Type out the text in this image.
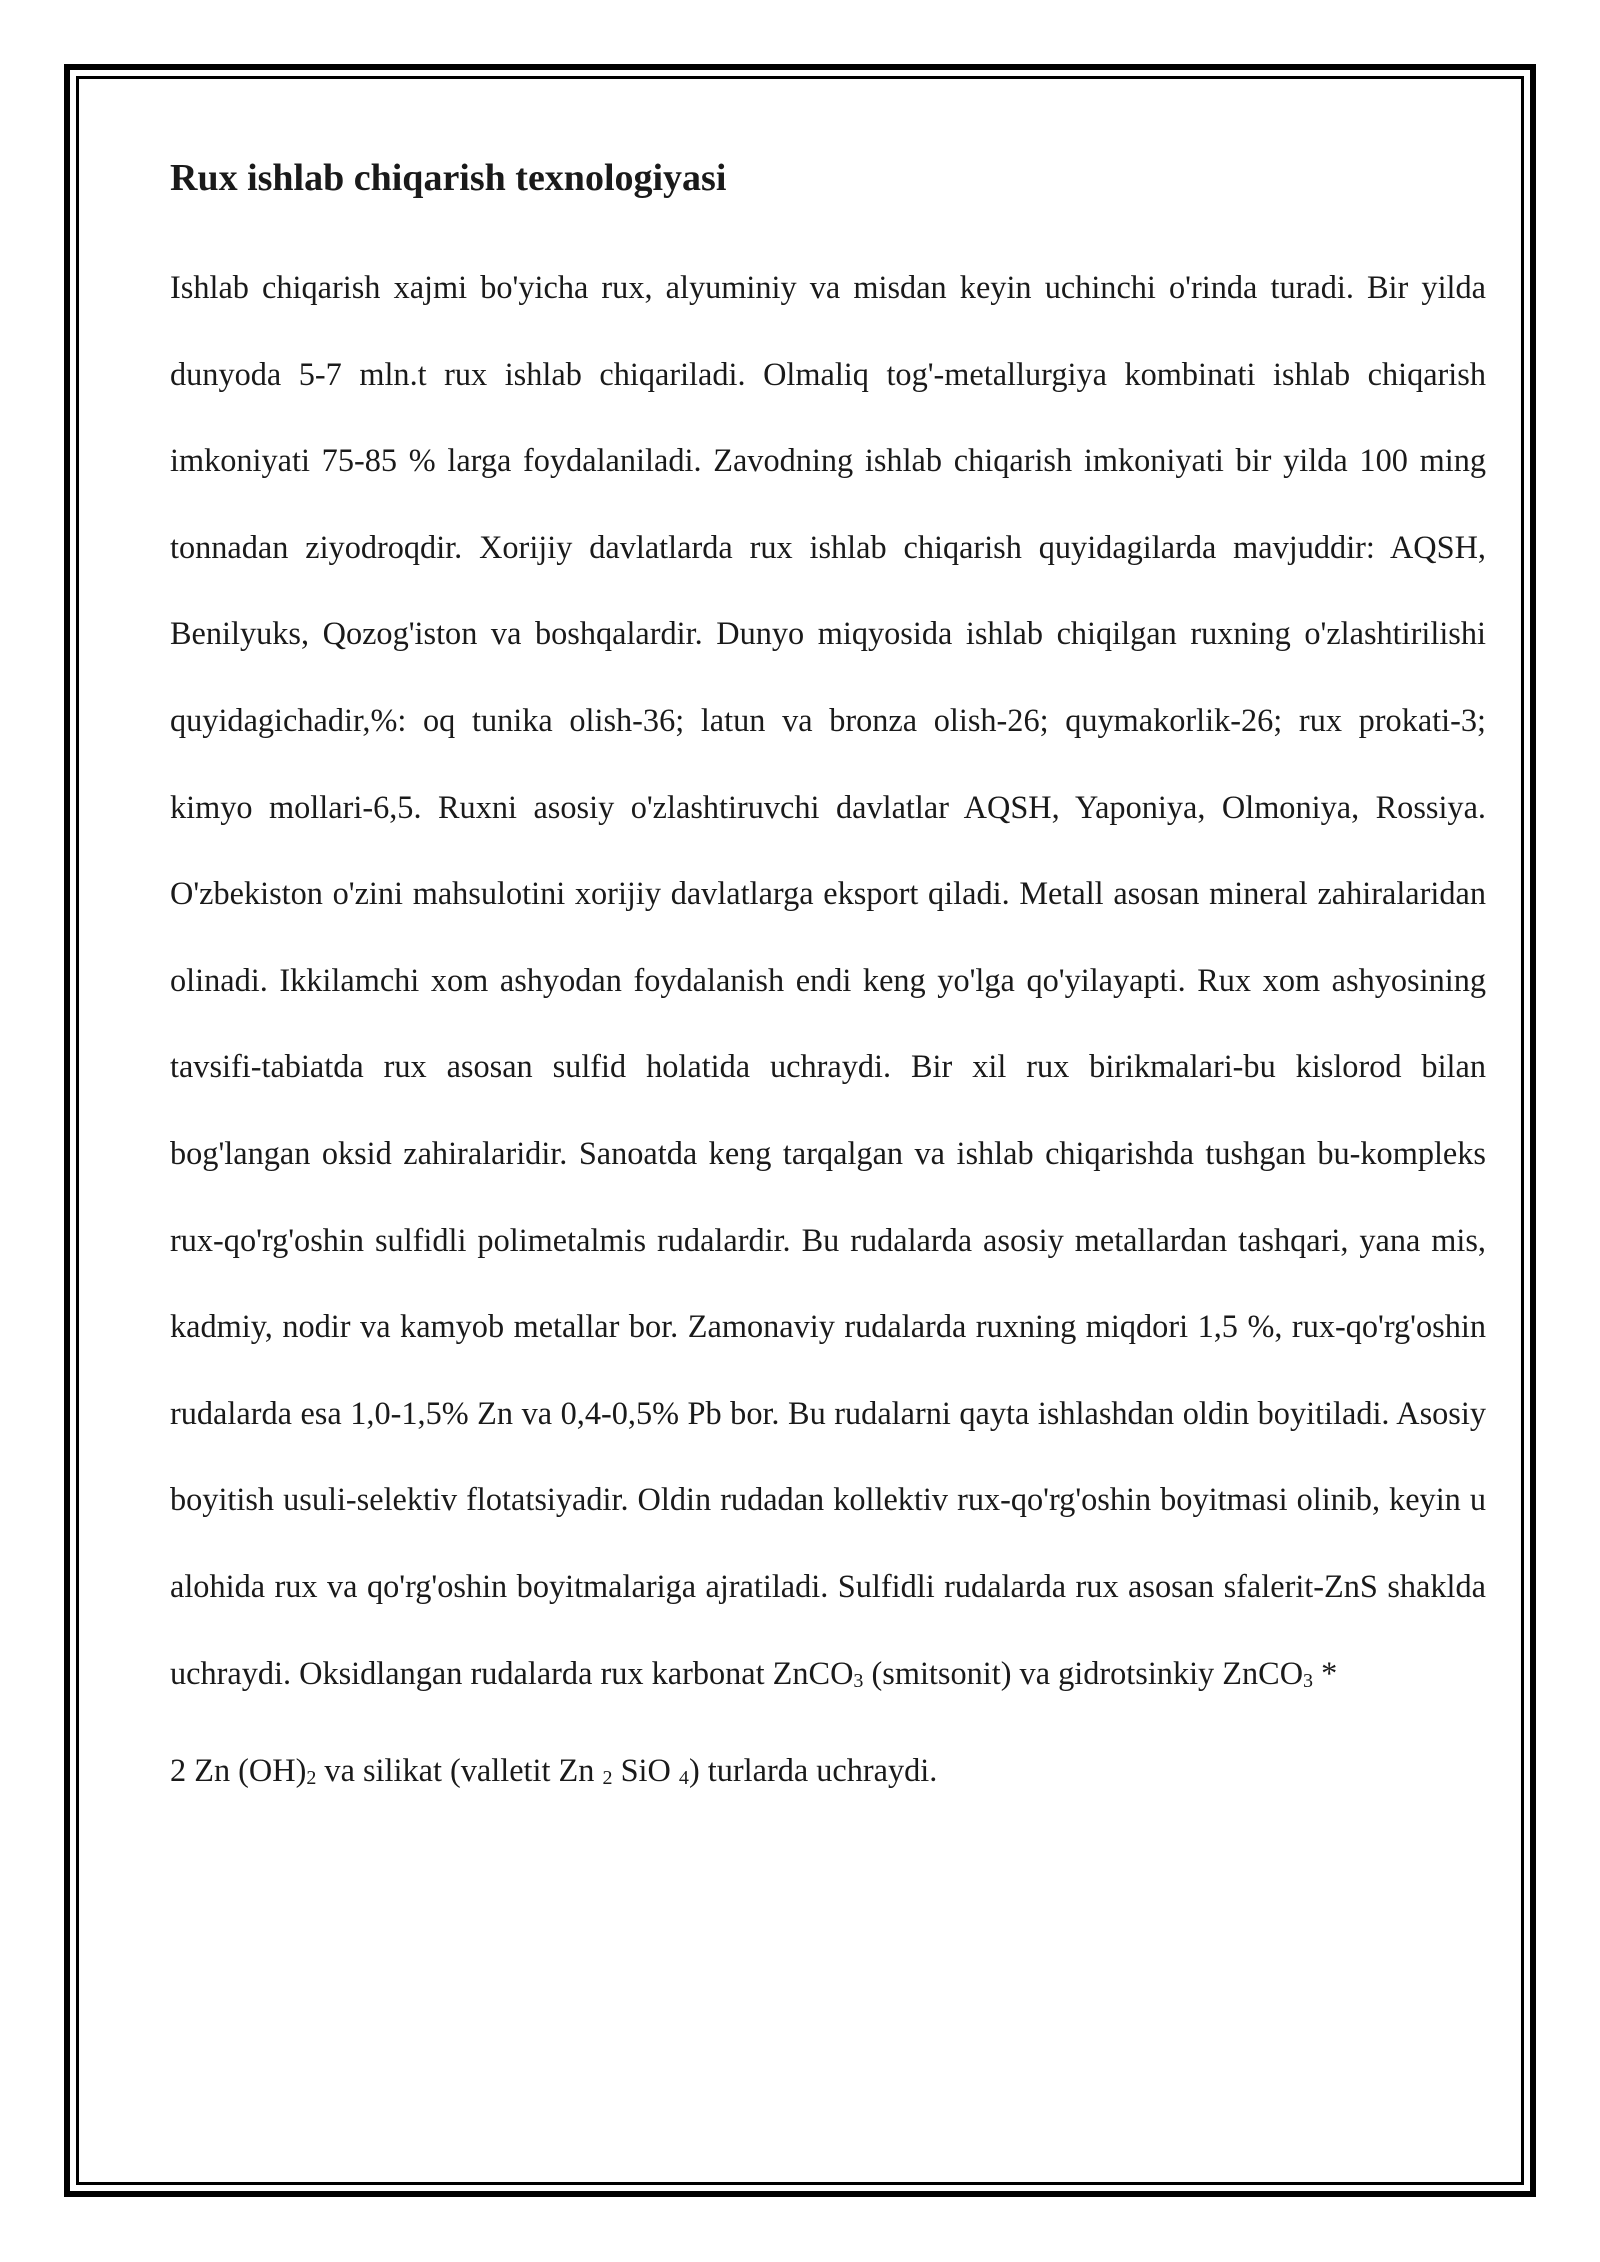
Rux ishlab chiqarish texnologiyasi

Ishlab chiqarish xajmi bo'yicha rux, alyuminiy va misdan keyin uchinchi o'rinda turadi. Bir yilda dunyoda 5-7 mln.t rux ishlab chiqariladi. Olmaliq tog'-metallurgiya kombinati ishlab chiqarish imkoniyati 75-85 % larga foydalaniladi. Zavodning ishlab chiqarish imkoniyati bir yilda 100 ming tonnadan ziyodroqdir. Xorijiy davlatlarda rux ishlab chiqarish quyidagilarda mavjuddir: AQSH, Benilyuks, Qozog'iston va boshqalardir. Dunyo miqyosida ishlab chiqilgan ruxning o'zlashtirilishi quyidagichadir,%: oq tunika olish-36; latun va bronza olish-26; quymakorlik-26; rux prokati-3; kimyo mollari-6,5. Ruxni asosiy o'zlashtiruvchi davlatlar AQSH, Yaponiya, Olmoniya, Rossiya. O'zbekiston o'zini mahsulotini xorijiy davlatlarga eksport qiladi. Metall asosan mineral zahiralaridan olinadi. Ikkilamchi xom ashyodan foydalanish endi keng yo'lga qo'yilayapti. Rux xom ashyosining tavsifi-tabiatda rux asosan sulfid holatida uchraydi. Bir xil rux birikmalari-bu kislorod bilan bog'langan oksid zahiralaridir. Sanoatda keng tarqalgan va ishlab chiqarishda tushgan bu-kompleks rux-qo'rg'oshin sulfidli polimetalmis rudalardir. Bu rudalarda asosiy metallardan tashqari, yana mis, kadmiy, nodir va kamyob metallar bor. Zamonaviy rudalarda ruxning miqdori 1,5 %, rux-qo'rg'oshin rudalarda esa 1,0-1,5% Zn va 0,4-0,5% Pb bor. Bu rudalarni qayta ishlashdan oldin boyitiladi. Asosiy boyitish usuli-selektiv flotatsiyadir. Oldin rudadan kollektiv rux-qo'rg'oshin boyitmasi olinib, keyin u alohida rux va qo'rg'oshin boyitmalariga ajratiladi. Sulfidli rudalarda rux asosan sfalerit-ZnS shaklda uchraydi. Oksidlangan rudalarda rux karbonat ZnCO$_3$ (smitsonit) va gidrotsinkiy ZnCO$_3$ *

2 Zn $(OH)_2$ va silikat (valletit Zn $_2$ SiO $_4$) turlarda uchraydi.
